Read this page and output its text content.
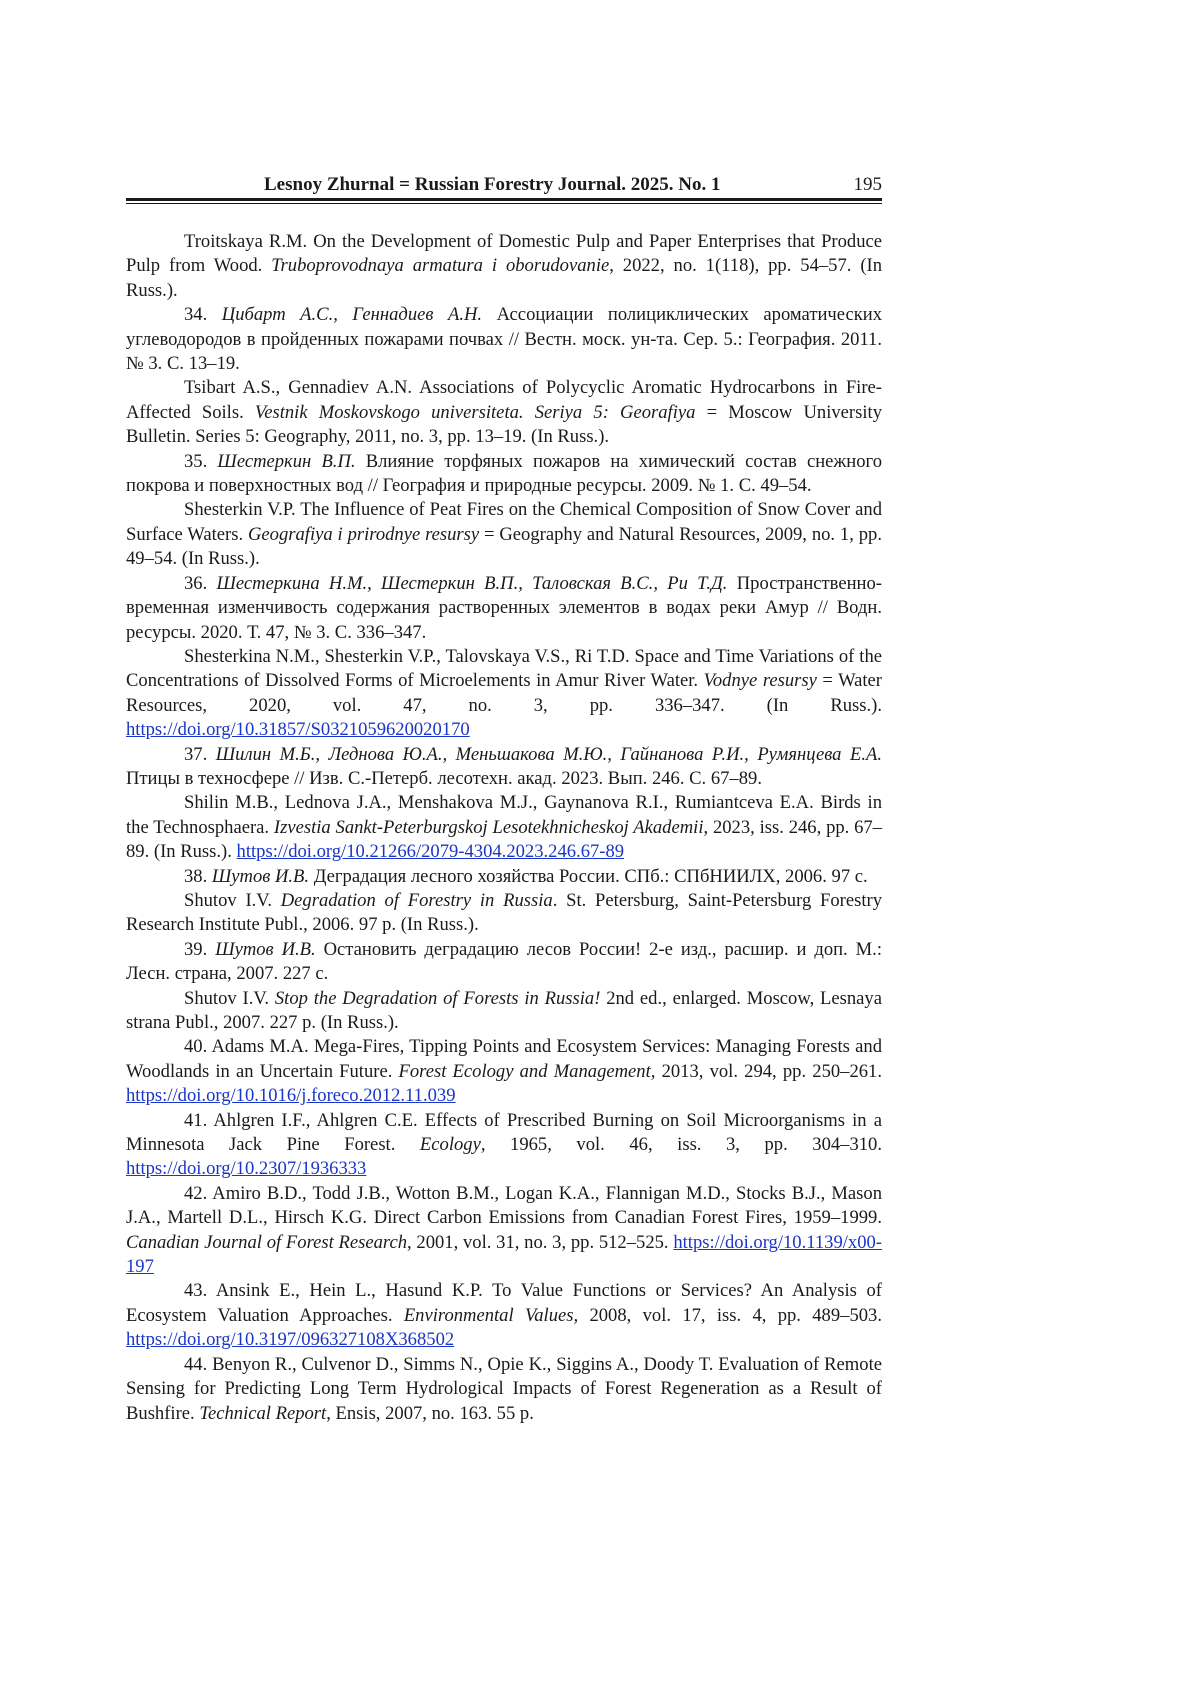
Lesnoy Zhurnal = Russian Forestry Journal. 2025. No. 1	195

Troitskaya R.M. On the Development of Domestic Pulp and Paper Enterprises that Produce Pulp from Wood. Truboprovodnaya armatura i oborudovanie, 2022, no. 1(118), pp. 54–57. (In Russ.).

34. Цибарт А.С., Геннадиев А.Н. Ассоциации полициклических ароматических углеводородов в пройденных пожарами почвах // Вестн. моск. ун-та. Сер. 5.: География. 2011. № 3. С. 13–19.

Tsibart A.S., Gennadiev A.N. Associations of Polycyclic Aromatic Hydrocarbons in Fire-Affected Soils. Vestnik Moskovskogo universiteta. Seriya 5: Georafiya = Moscow University Bulletin. Series 5: Geography, 2011, no. 3, pp. 13–19. (In Russ.).

35. Шестеркин В.П. Влияние торфяных пожаров на химический состав снежного покрова и поверхностных вод // География и природные ресурсы. 2009. № 1. С. 49–54.

Shesterkin V.P. The Influence of Peat Fires on the Chemical Composition of Snow Cover and Surface Waters. Geografiya i prirodnye resursy = Geography and Natural Resources, 2009, no. 1, pp. 49–54. (In Russ.).

36. Шестеркина Н.М., Шестеркин В.П., Таловская В.С., Ри Т.Д. Пространственно-временная изменчивость содержания растворенных элементов в водах реки Амур // Водн. ресурсы. 2020. Т. 47, № 3. С. 336–347.

Shesterkina N.M., Shesterkin V.P., Talovskaya V.S., Ri T.D. Space and Time Variations of the Concentrations of Dissolved Forms of Microelements in Amur River Water. Vodnye resursy = Water Resources, 2020, vol. 47, no. 3, pp. 336–347. (In Russ.). https://doi.org/10.31857/S0321059620020170

37. Шилин М.Б., Леднова Ю.А., Меньшакова М.Ю., Гайнанова Р.И., Румянцева Е.А. Птицы в техносфере // Изв. С.-Петерб. лесотехн. акад. 2023. Вып. 246. С. 67–89.

Shilin M.B., Lednova J.A., Menshakova M.J., Gaynanova R.I., Rumiantceva E.A. Birds in the Technosphaera. Izvestia Sankt-Peterburgskoj Lesotekhnicheskoj Akademii, 2023, iss. 246, pp. 67–89. (In Russ.). https://doi.org/10.21266/2079-4304.2023.246.67-89

38. Шутов И.В. Деградация лесного хозяйства России. СПб.: СПбНИИЛХ, 2006. 97 с.

Shutov I.V. Degradation of Forestry in Russia. St. Petersburg, Saint-Petersburg Forestry Research Institute Publ., 2006. 97 p. (In Russ.).

39. Шутов И.В. Остановить деградацию лесов России! 2-е изд., расшир. и доп. М.: Лесн. страна, 2007. 227 с.

Shutov I.V. Stop the Degradation of Forests in Russia! 2nd ed., enlarged. Moscow, Lesnaya strana Publ., 2007. 227 p. (In Russ.).

40. Adams M.A. Mega-Fires, Tipping Points and Ecosystem Services: Managing Forests and Woodlands in an Uncertain Future. Forest Ecology and Management, 2013, vol. 294, pp. 250–261. https://doi.org/10.1016/j.foreco.2012.11.039

41. Ahlgren I.F., Ahlgren C.E. Effects of Prescribed Burning on Soil Microorganisms in a Minnesota Jack Pine Forest. Ecology, 1965, vol. 46, iss. 3, pp. 304–310. https://doi.org/10.2307/1936333

42. Amiro B.D., Todd J.B., Wotton B.M., Logan K.A., Flannigan M.D., Stocks B.J., Mason J.A., Martell D.L., Hirsch K.G. Direct Carbon Emissions from Canadian Forest Fires, 1959–1999. Canadian Journal of Forest Research, 2001, vol. 31, no. 3, pp. 512–525. https://doi.org/10.1139/x00-197

43. Ansink E., Hein L., Hasund K.P. To Value Functions or Services? An Analysis of Ecosystem Valuation Approaches. Environmental Values, 2008, vol. 17, iss. 4, pp. 489–503. https://doi.org/10.3197/096327108X368502

44. Benyon R., Culvenor D., Simms N., Opie K., Siggins A., Doody T. Evaluation of Remote Sensing for Predicting Long Term Hydrological Impacts of Forest Regeneration as a Result of Bushfire. Technical Report, Ensis, 2007, no. 163. 55 p.
